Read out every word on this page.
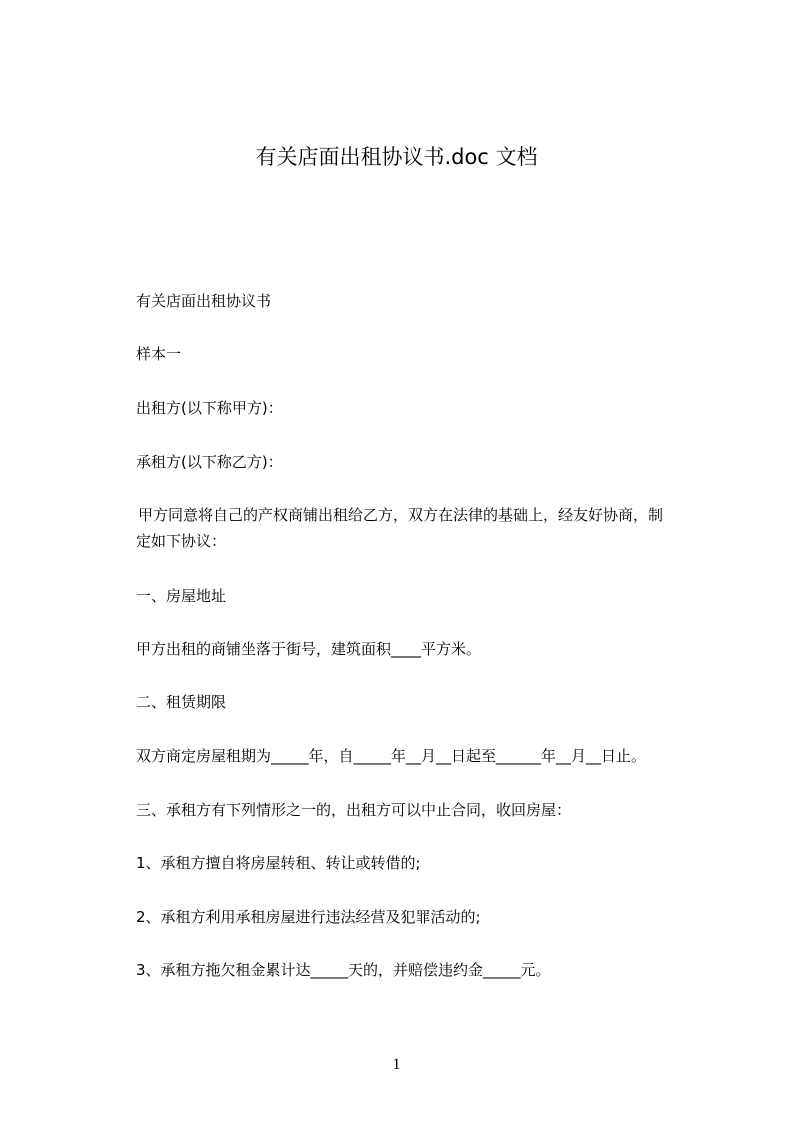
有关店面出租协议书.doc 文档

有关店面出租协议书

样本一

出租方(以下称甲方)：

承租方(以下称乙方)：

甲方同意将自己的产权商铺出租给乙方，双方在法律的基础上，经友好协商，制
定如下协议：

一、房屋地址

甲方出租的商铺坐落于街号，建筑面积____平方米。

二、租赁期限

双方商定房屋租期为_____年，自_____年__月__日起至______年__月__日止。

三、承租方有下列情形之一的，出租方可以中止合同，收回房屋：

1、承租方擅自将房屋转租、转让或转借的;

2、承租方利用承租房屋进行违法经营及犯罪活动的;

3、承租方拖欠租金累计达_____天的，并赔偿违约金_____元。

1
